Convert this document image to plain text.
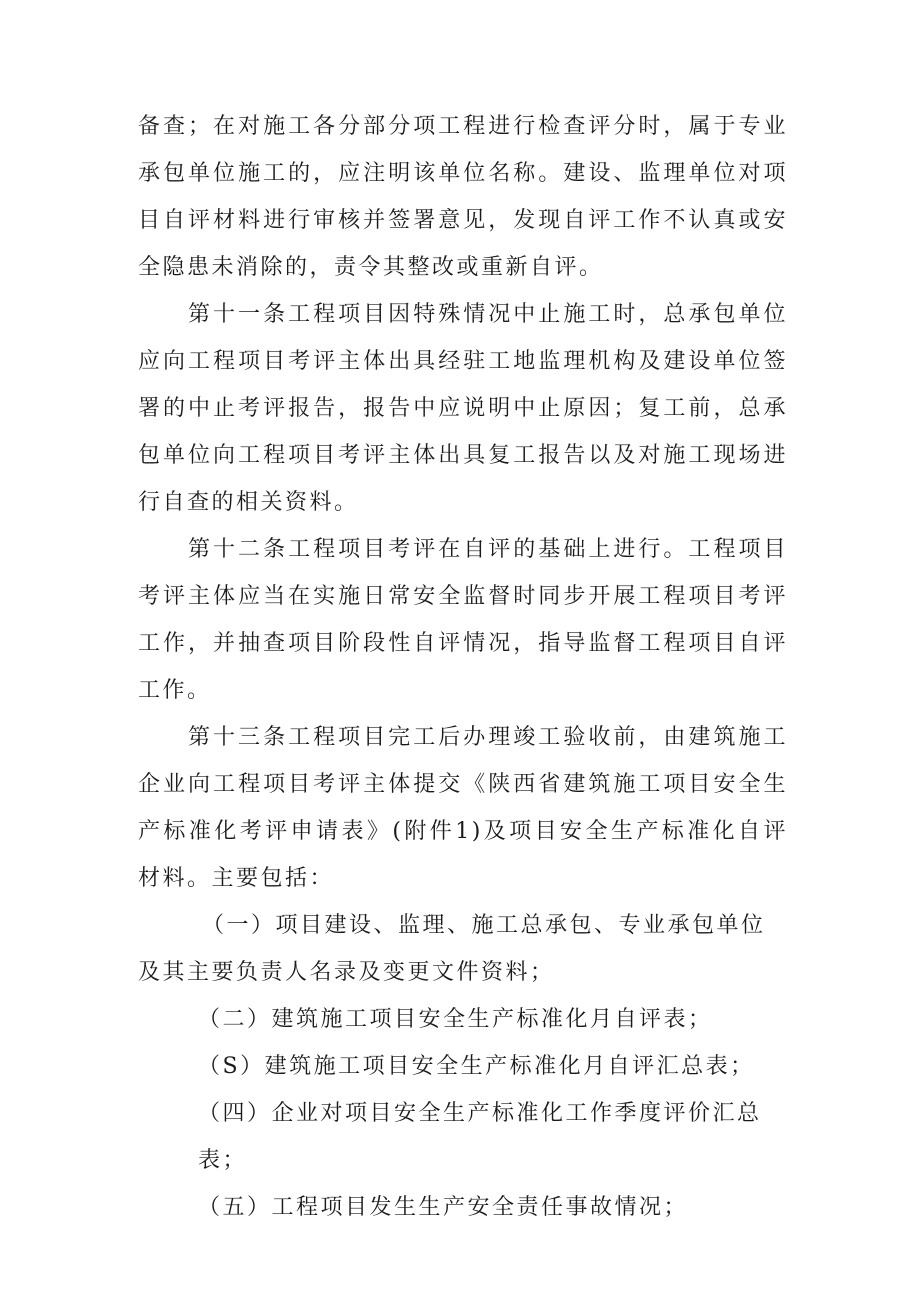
备查；在对施工各分部分项工程进行检查评分时，属于专业承包单位施工的，应注明该单位名称。建设、监理单位对项目自评材料进行审核并签署意见，发现自评工作不认真或安全隐患未消除的，责令其整改或重新自评。

第十一条工程项目因特殊情况中止施工时，总承包单位应向工程项目考评主体出具经驻工地监理机构及建设单位签署的中止考评报告，报告中应说明中止原因；复工前，总承包单位向工程项目考评主体出具复工报告以及对施工现场进行自查的相关资料。

第十二条工程项目考评在自评的基础上进行。工程项目考评主体应当在实施日常安全监督时同步开展工程项目考评工作，并抽查项目阶段性自评情况，指导监督工程项目自评工作。

第十三条工程项目完工后办理竣工验收前，由建筑施工企业向工程项目考评主体提交《陕西省建筑施工项目安全生产标准化考评申请表》(附件1)及项目安全生产标准化自评材料。主要包括：

（一）项目建设、监理、施工总承包、专业承包单位及其主要负责人名录及变更文件资料；

（二）建筑施工项目安全生产标准化月自评表；

（S）建筑施工项目安全生产标准化月自评汇总表；

（四）企业对项目安全生产标准化工作季度评价汇总表；

（五）工程项目发生生产安全责任事故情况；
